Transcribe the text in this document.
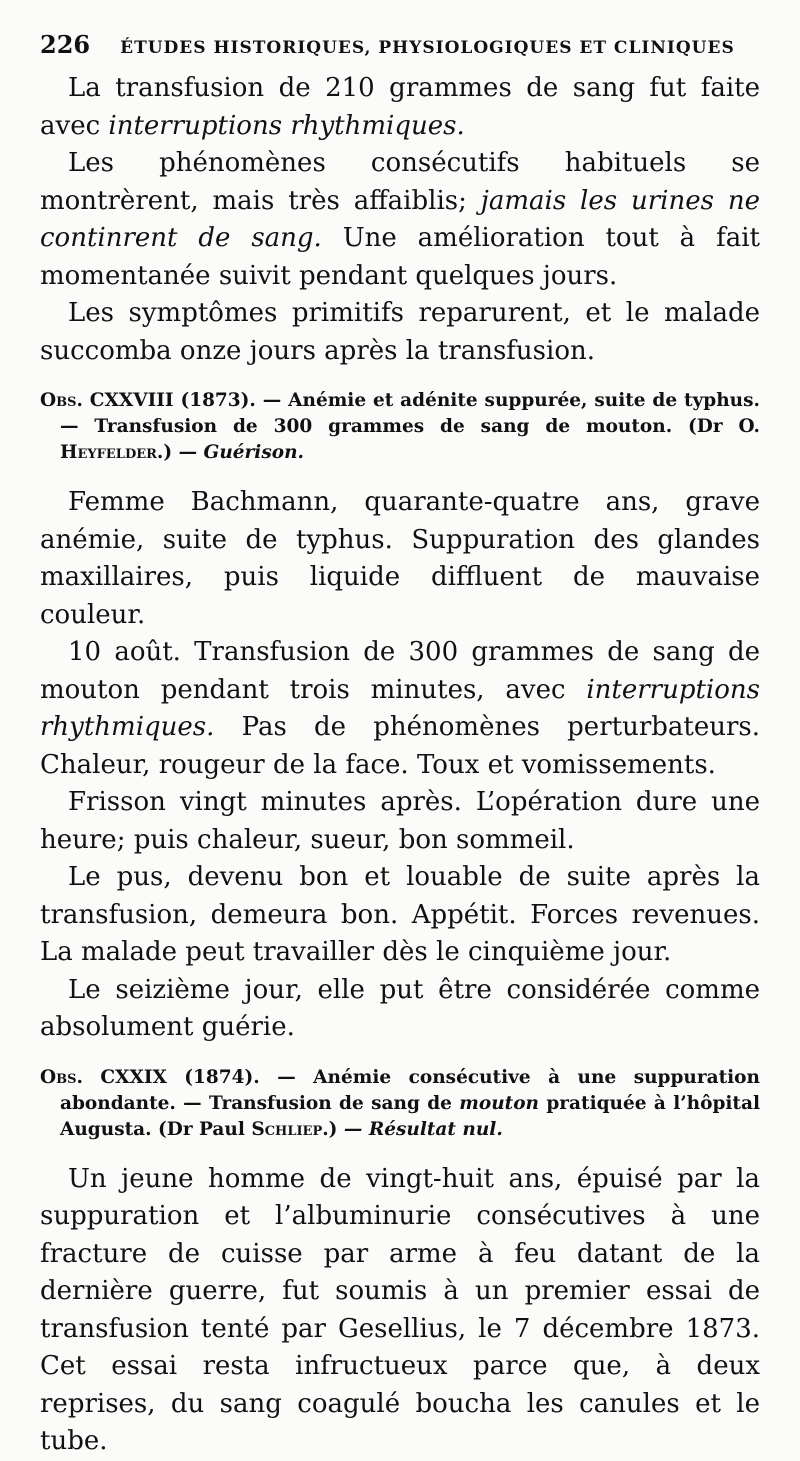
226 ÉTUDES HISTORIQUES, PHYSIOLOGIQUES ET CLINIQUES

La transfusion de 210 grammes de sang fut faite avec interruptions rhythmiques.

Les phénomènes consécutifs habituels se montrèrent, mais très affaiblis; jamais les urines ne continrent de sang. Une amélioration tout à fait momentanée suivit pendant quelques jours.

Les symptômes primitifs reparurent, et le malade succomba onze jours après la transfusion.

Obs. CXXVIII (1873). — Anémie et adénite suppurée, suite de typhus. — Transfusion de 300 grammes de sang de mouton. (Dr O. Heyfelder.) — Guérison.

Femme Bachmann, quarante-quatre ans, grave anémie, suite de typhus. Suppuration des glandes maxillaires, puis liquide diffluent de mauvaise couleur.

10 août. Transfusion de 300 grammes de sang de mouton pendant trois minutes, avec interruptions rhythmiques. Pas de phénomènes perturbateurs. Chaleur, rougeur de la face. Toux et vomissements.

Frisson vingt minutes après. L’opération dure une heure; puis chaleur, sueur, bon sommeil.

Le pus, devenu bon et louable de suite après la transfusion, demeura bon. Appétit. Forces revenues. La malade peut travailler dès le cinquième jour.

Le seizième jour, elle put être considérée comme absolument guérie.

Obs. CXXIX (1874). — Anémie consécutive à une suppuration abondante. — Transfusion de sang de mouton pratiquée à l’hôpital Augusta. (Dr Paul Schliep.) — Résultat nul.

Un jeune homme de vingt-huit ans, épuisé par la suppuration et l’albuminurie consécutives à une fracture de cuisse par arme à feu datant de la dernière guerre, fut soumis à un premier essai de transfusion tenté par Gesellius, le 7 décembre 1873. Cet essai resta infructueux parce que, à deux reprises, du sang coagulé boucha les canules et le tube.
